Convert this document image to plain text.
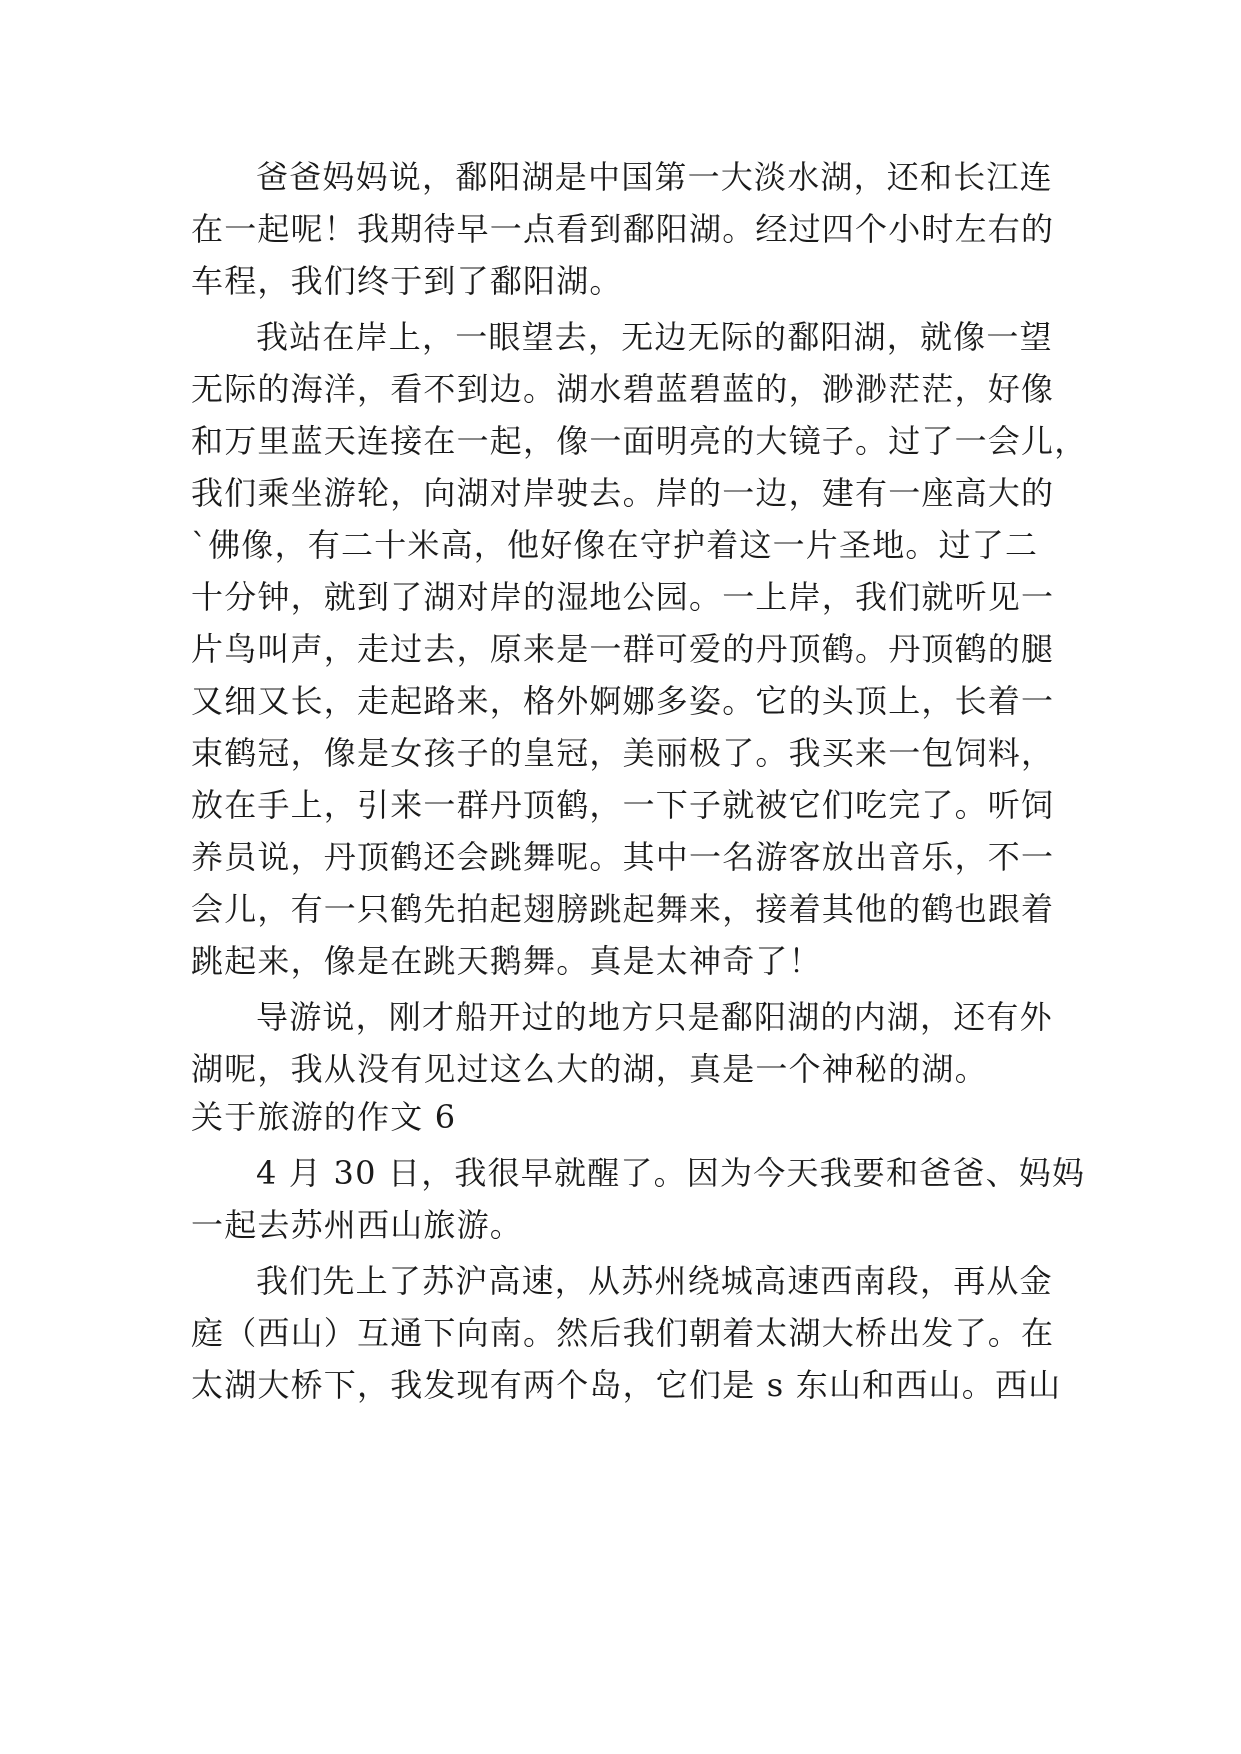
爸爸妈妈说，鄱阳湖是中国第一大淡水湖，还和长江连
在一起呢！我期待早一点看到鄱阳湖。经过四个小时左右的
车程，我们终于到了鄱阳湖。
我站在岸上，一眼望去，无边无际的鄱阳湖，就像一望
无际的海洋，看不到边。湖水碧蓝碧蓝的，渺渺茫茫，好像
和万里蓝天连接在一起，像一面明亮的大镜子。过了一会儿，
我们乘坐游轮，向湖对岸驶去。岸的一边，建有一座高大的
`佛像，有二十米高，他好像在守护着这一片圣地。过了二
十分钟，就到了湖对岸的湿地公园。一上岸，我们就听见一
片鸟叫声，走过去，原来是一群可爱的丹顶鹤。丹顶鹤的腿
又细又长，走起路来，格外婀娜多姿。它的头顶上，长着一
束鹤冠，像是女孩子的皇冠，美丽极了。我买来一包饲料，
放在手上，引来一群丹顶鹤，一下子就被它们吃完了。听饲
养员说，丹顶鹤还会跳舞呢。其中一名游客放出音乐，不一
会儿，有一只鹤先拍起翅膀跳起舞来，接着其他的鹤也跟着
跳起来，像是在跳天鹅舞。真是太神奇了！
导游说，刚才船开过的地方只是鄱阳湖的内湖，还有外
湖呢，我从没有见过这么大的湖，真是一个神秘的湖。
关于旅游的作文 6
4 月 30 日，我很早就醒了。因为今天我要和爸爸、妈妈
一起去苏州西山旅游。
我们先上了苏沪高速，从苏州绕城高速西南段，再从金
庭（西山）互通下向南。然后我们朝着太湖大桥出发了。在
太湖大桥下，我发现有两个岛，它们是 s 东山和西山。西山
